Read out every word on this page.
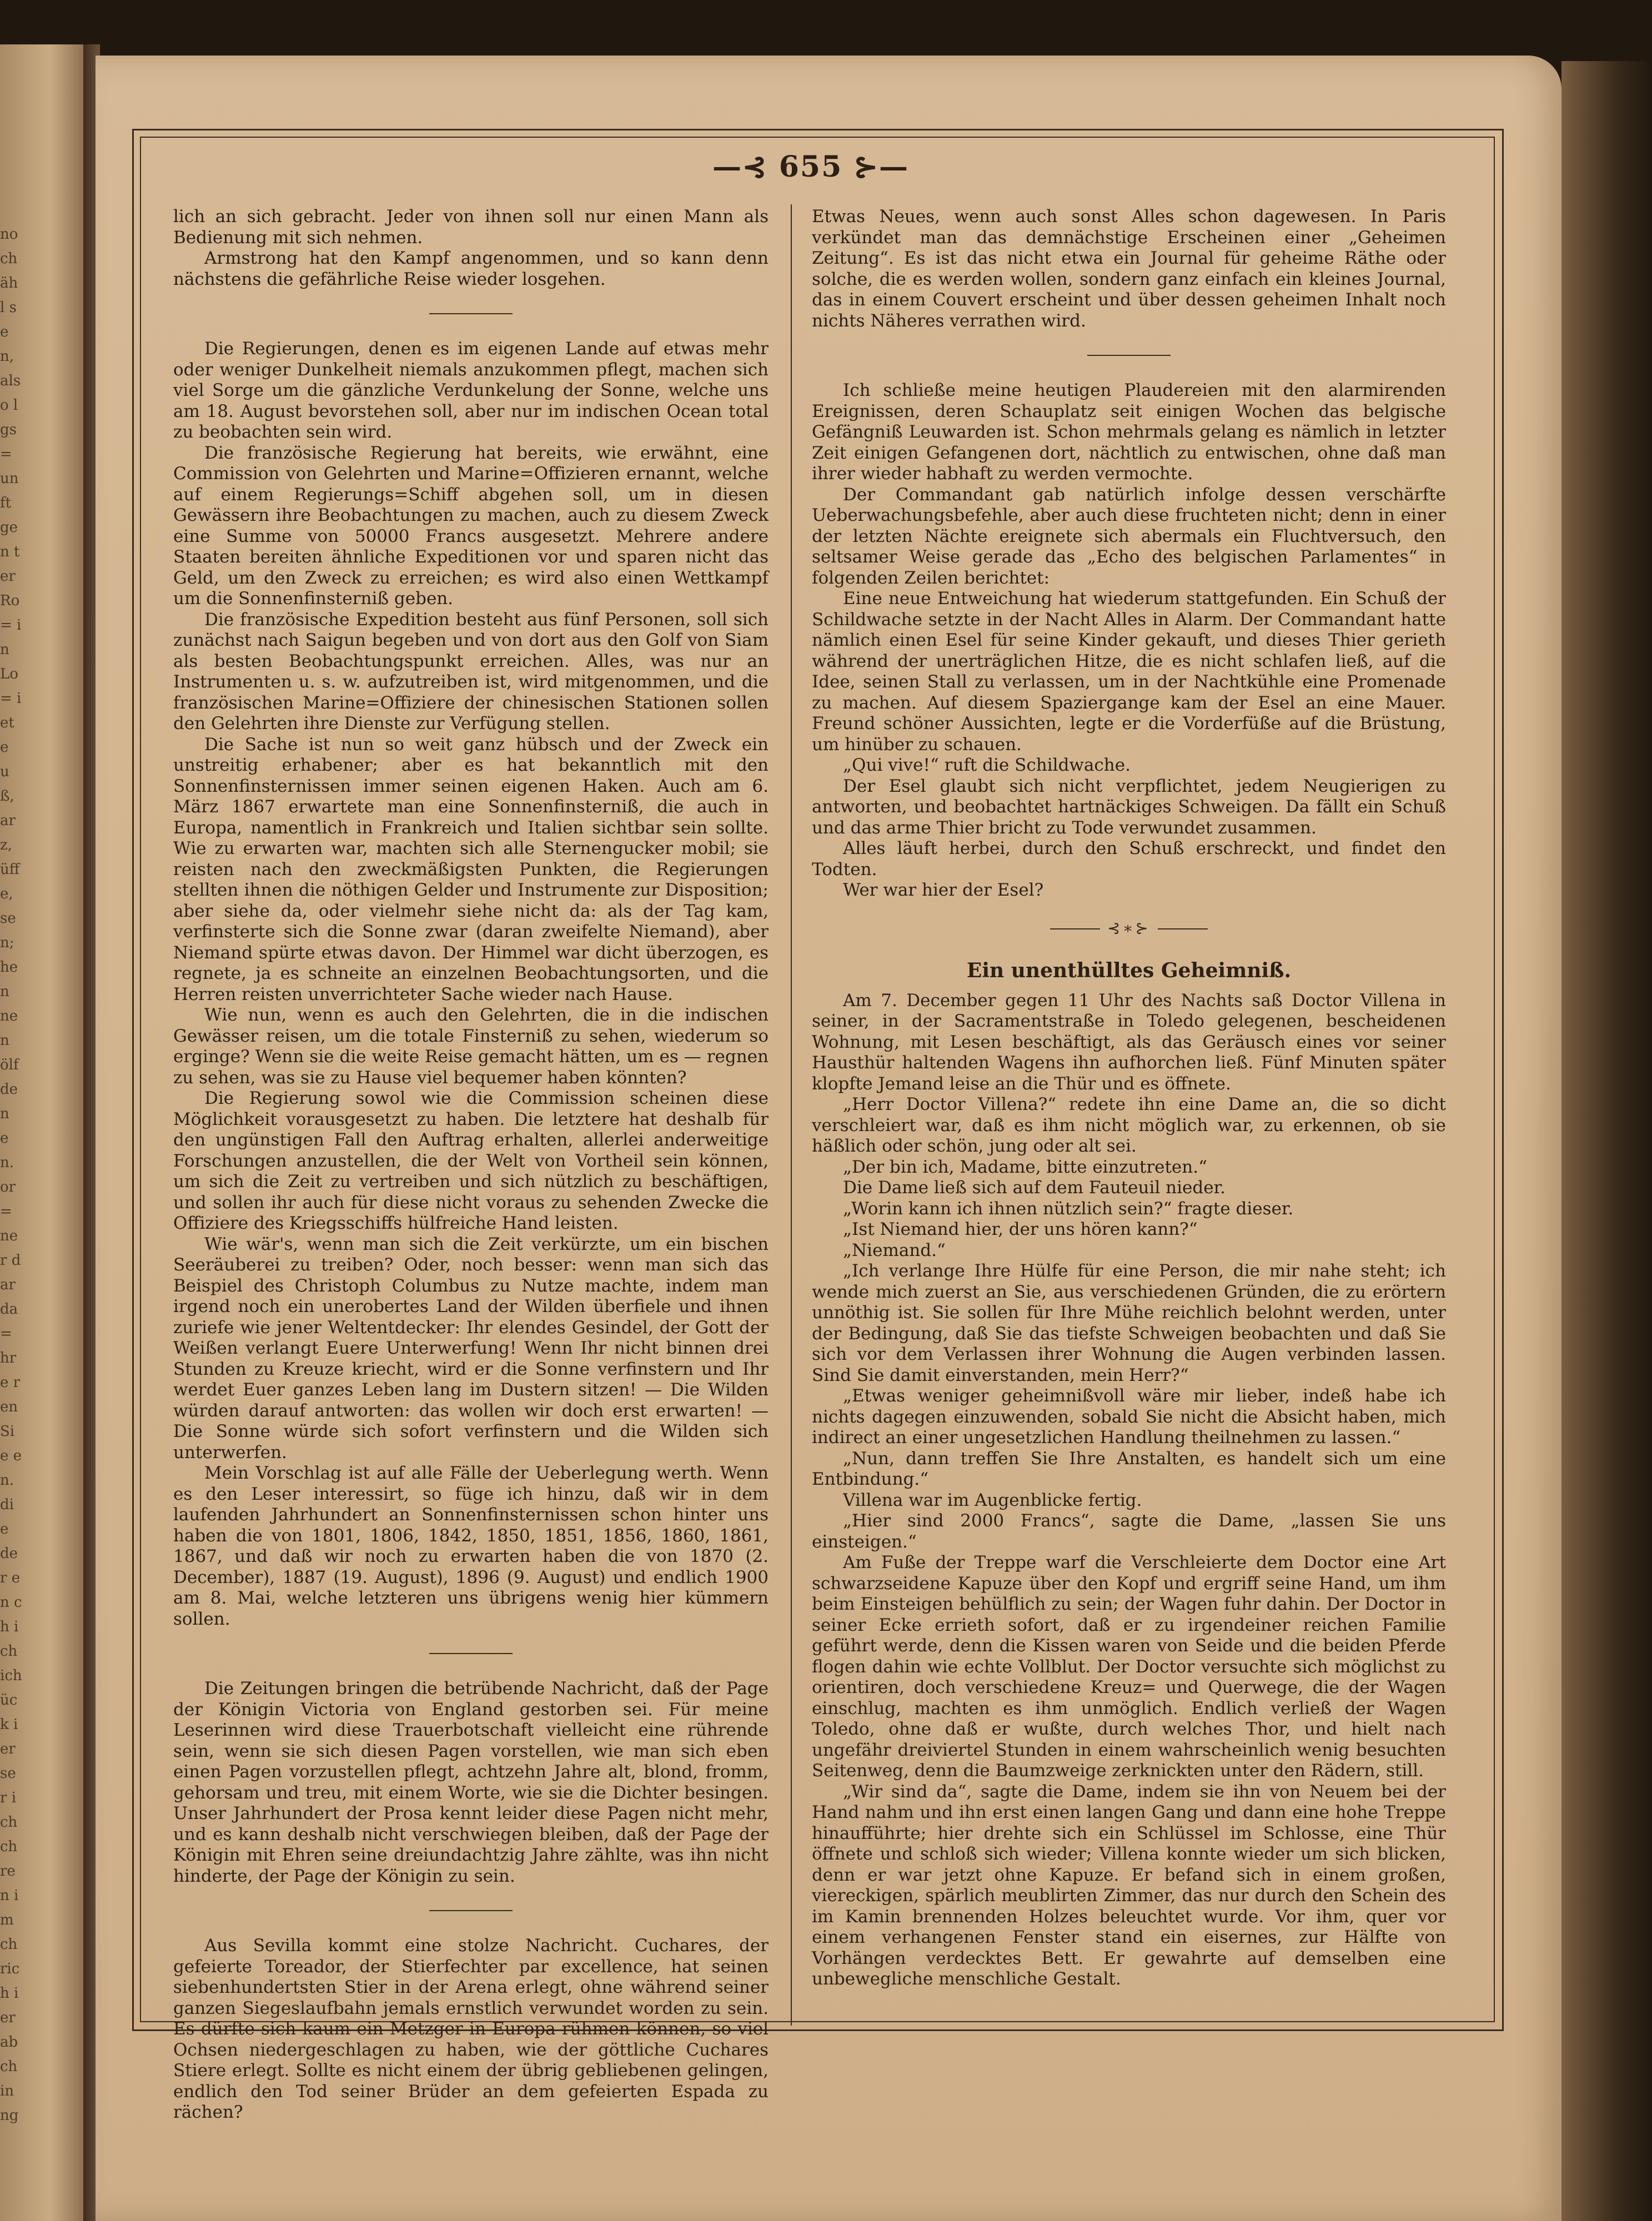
noch ähl sen, also lgs= unft gen ter Ro= in Lo= iete uß, arz, üffe, sen; hen nen ölf den en. or= ner dar da= hre ren Sie en. die der en ch ich ich ück ier ser ich ch ren im ch rich ier ab ch in ng
—⊰ 655 ⊱—

lich an sich gebracht. Jeder von ihnen soll nur einen Mann als Bedienung mit sich nehmen.

Armstrong hat den Kampf angenommen, und so kann denn nächstens die gefährliche Reise wieder losgehen.

Die Regierungen, denen es im eigenen Lande auf etwas mehr oder weniger Dunkelheit niemals anzukommen pflegt, machen sich viel Sorge um die gänzliche Verdunkelung der Sonne, welche uns am 18. August bevorstehen soll, aber nur im indischen Ocean total zu beobachten sein wird.

Die französische Regierung hat bereits, wie erwähnt, eine Commission von Gelehrten und Marine=Offizieren ernannt, welche auf einem Regierungs=Schiff abgehen soll, um in diesen Gewässern ihre Beobachtungen zu machen, auch zu diesem Zweck eine Summe von 50000 Francs ausgesetzt. Mehrere andere Staaten bereiten ähnliche Expeditionen vor und sparen nicht das Geld, um den Zweck zu erreichen; es wird also einen Wettkampf um die Sonnenfinsterniß geben.

Die französische Expedition besteht aus fünf Personen, soll sich zunächst nach Saigun begeben und von dort aus den Golf von Siam als besten Beobachtungspunkt erreichen. Alles, was nur an Instrumenten u. s. w. aufzutreiben ist, wird mitgenommen, und die französischen Marine=Offiziere der chinesischen Stationen sollen den Gelehrten ihre Dienste zur Verfügung stellen.

Die Sache ist nun so weit ganz hübsch und der Zweck ein unstreitig erhabener; aber es hat bekanntlich mit den Sonnenfinsternissen immer seinen eigenen Haken. Auch am 6. März 1867 erwartete man eine Sonnenfinsterniß, die auch in Europa, namentlich in Frankreich und Italien sichtbar sein sollte. Wie zu erwarten war, machten sich alle Sternengucker mobil; sie reisten nach den zweckmäßigsten Punkten, die Regierungen stellten ihnen die nöthigen Gelder und Instrumente zur Disposition; aber siehe da, oder vielmehr siehe nicht da: als der Tag kam, verfinsterte sich die Sonne zwar (daran zweifelte Niemand), aber Niemand spürte etwas davon. Der Himmel war dicht überzogen, es regnete, ja es schneite an einzelnen Beobachtungsorten, und die Herren reisten unverrichteter Sache wieder nach Hause.

Wie nun, wenn es auch den Gelehrten, die in die indischen Gewässer reisen, um die totale Finsterniß zu sehen, wiederum so erginge? Wenn sie die weite Reise gemacht hätten, um es — regnen zu sehen, was sie zu Hause viel bequemer haben könnten?

Die Regierung sowol wie die Commission scheinen diese Möglichkeit vorausgesetzt zu haben. Die letztere hat deshalb für den ungünstigen Fall den Auftrag erhalten, allerlei anderweitige Forschungen anzustellen, die der Welt von Vortheil sein können, um sich die Zeit zu vertreiben und sich nützlich zu beschäftigen, und sollen ihr auch für diese nicht voraus zu sehenden Zwecke die Offiziere des Kriegsschiffs hülfreiche Hand leisten.

Wie wär's, wenn man sich die Zeit verkürzte, um ein bischen Seeräuberei zu treiben? Oder, noch besser: wenn man sich das Beispiel des Christoph Columbus zu Nutze machte, indem man irgend noch ein unerobertes Land der Wilden überfiele und ihnen zuriefe wie jener Weltentdecker: Ihr elendes Gesindel, der Gott der Weißen verlangt Euere Unterwerfung! Wenn Ihr nicht binnen drei Stunden zu Kreuze kriecht, wird er die Sonne verfinstern und Ihr werdet Euer ganzes Leben lang im Dustern sitzen! — Die Wilden würden darauf antworten: das wollen wir doch erst erwarten! — Die Sonne würde sich sofort verfinstern und die Wilden sich unterwerfen.

Mein Vorschlag ist auf alle Fälle der Ueberlegung werth. Wenn es den Leser interessirt, so füge ich hinzu, daß wir in dem laufenden Jahrhundert an Sonnenfinsternissen schon hinter uns haben die von 1801, 1806, 1842, 1850, 1851, 1856, 1860, 1861, 1867, und daß wir noch zu erwarten haben die von 1870 (2. December), 1887 (19. August), 1896 (9. August) und endlich 1900 am 8. Mai, welche letzteren uns übrigens wenig hier kümmern sollen.

Die Zeitungen bringen die betrübende Nachricht, daß der Page der Königin Victoria von England gestorben sei. Für meine Leserinnen wird diese Trauerbotschaft vielleicht eine rührende sein, wenn sie sich diesen Pagen vorstellen, wie man sich eben einen Pagen vorzustellen pflegt, achtzehn Jahre alt, blond, fromm, gehorsam und treu, mit einem Worte, wie sie die Dichter besingen. Unser Jahrhundert der Prosa kennt leider diese Pagen nicht mehr, und es kann deshalb nicht verschwiegen bleiben, daß der Page der Königin mit Ehren seine dreiundachtzig Jahre zählte, was ihn nicht hinderte, der Page der Königin zu sein.

Aus Sevilla kommt eine stolze Nachricht. Cuchares, der gefeierte Toreador, der Stierfechter par excellence, hat seinen siebenhundertsten Stier in der Arena erlegt, ohne während seiner ganzen Siegeslaufbahn jemals ernstlich verwundet worden zu sein. Es dürfte sich kaum ein Metzger in Europa rühmen können, so viel Ochsen niedergeschlagen zu haben, wie der göttliche Cuchares Stiere erlegt. Sollte es nicht einem der übrig gebliebenen gelingen, endlich den Tod seiner Brüder an dem gefeierten Espada zu rächen?

Etwas Neues, wenn auch sonst Alles schon dagewesen. In Paris verkündet man das demnächstige Erscheinen einer „Geheimen Zeitung“. Es ist das nicht etwa ein Journal für geheime Räthe oder solche, die es werden wollen, sondern ganz einfach ein kleines Journal, das in einem Couvert erscheint und über dessen geheimen Inhalt noch nichts Näheres verrathen wird.

Ich schließe meine heutigen Plaudereien mit den alarmirenden Ereignissen, deren Schauplatz seit einigen Wochen das belgische Gefängniß Leuwarden ist. Schon mehrmals gelang es nämlich in letzter Zeit einigen Gefangenen dort, nächtlich zu entwischen, ohne daß man ihrer wieder habhaft zu werden vermochte.

Der Commandant gab natürlich infolge dessen verschärfte Ueberwachungsbefehle, aber auch diese fruchteten nicht; denn in einer der letzten Nächte ereignete sich abermals ein Fluchtversuch, den seltsamer Weise gerade das „Echo des belgischen Parlamentes“ in folgenden Zeilen berichtet:

Eine neue Entweichung hat wiederum stattgefunden. Ein Schuß der Schildwache setzte in der Nacht Alles in Alarm. Der Commandant hatte nämlich einen Esel für seine Kinder gekauft, und dieses Thier gerieth während der unerträglichen Hitze, die es nicht schlafen ließ, auf die Idee, seinen Stall zu verlassen, um in der Nachtkühle eine Promenade zu machen. Auf diesem Spaziergange kam der Esel an eine Mauer. Freund schöner Aussichten, legte er die Vorderfüße auf die Brüstung, um hinüber zu schauen.

„Qui vive!“ ruft die Schildwache.

Der Esel glaubt sich nicht verpflichtet, jedem Neugierigen zu antworten, und beobachtet hartnäckiges Schweigen. Da fällt ein Schuß und das arme Thier bricht zu Tode verwundet zusammen.

Alles läuft herbei, durch den Schuß erschreckt, und findet den Todten.

Wer war hier der Esel?

⊰∗⊱
Ein unenthülltes Geheimniß.

Am 7. December gegen 11 Uhr des Nachts saß Doctor Villena in seiner, in der Sacramentstraße in Toledo gelegenen, bescheidenen Wohnung, mit Lesen beschäftigt, als das Geräusch eines vor seiner Hausthür haltenden Wagens ihn aufhorchen ließ. Fünf Minuten später klopfte Jemand leise an die Thür und es öffnete.

„Herr Doctor Villena?“ redete ihn eine Dame an, die so dicht verschleiert war, daß es ihm nicht möglich war, zu erkennen, ob sie häßlich oder schön, jung oder alt sei.

„Der bin ich, Madame, bitte einzutreten.“

Die Dame ließ sich auf dem Fauteuil nieder.

„Worin kann ich ihnen nützlich sein?“ fragte dieser.

„Ist Niemand hier, der uns hören kann?“

„Niemand.“

„Ich verlange Ihre Hülfe für eine Person, die mir nahe steht; ich wende mich zuerst an Sie, aus verschiedenen Gründen, die zu erörtern unnöthig ist. Sie sollen für Ihre Mühe reichlich belohnt werden, unter der Bedingung, daß Sie das tiefste Schweigen beobachten und daß Sie sich vor dem Verlassen ihrer Wohnung die Augen verbinden lassen. Sind Sie damit einverstanden, mein Herr?“

„Etwas weniger geheimnißvoll wäre mir lieber, indeß habe ich nichts dagegen einzuwenden, sobald Sie nicht die Absicht haben, mich indirect an einer ungesetzlichen Handlung theilnehmen zu lassen.“

„Nun, dann treffen Sie Ihre Anstalten, es handelt sich um eine Entbindung.“

Villena war im Augenblicke fertig.

„Hier sind 2000 Francs“, sagte die Dame, „lassen Sie uns einsteigen.“

Am Fuße der Treppe warf die Verschleierte dem Doctor eine Art schwarzseidene Kapuze über den Kopf und ergriff seine Hand, um ihm beim Einsteigen behülflich zu sein; der Wagen fuhr dahin. Der Doctor in seiner Ecke errieth sofort, daß er zu irgendeiner reichen Familie geführt werde, denn die Kissen waren von Seide und die beiden Pferde flogen dahin wie echte Vollblut. Der Doctor versuchte sich möglichst zu orientiren, doch verschiedene Kreuz= und Querwege, die der Wagen einschlug, machten es ihm unmöglich. Endlich verließ der Wagen Toledo, ohne daß er wußte, durch welches Thor, und hielt nach ungefähr dreiviertel Stunden in einem wahrscheinlich wenig besuchten Seitenweg, denn die Baumzweige zerknickten unter den Rädern, still.

„Wir sind da“, sagte die Dame, indem sie ihn von Neuem bei der Hand nahm und ihn erst einen langen Gang und dann eine hohe Treppe hinaufführte; hier drehte sich ein Schlüssel im Schlosse, eine Thür öffnete und schloß sich wieder; Villena konnte wieder um sich blicken, denn er war jetzt ohne Kapuze. Er befand sich in einem großen, viereckigen, spärlich meublirten Zimmer, das nur durch den Schein des im Kamin brennenden Holzes beleuchtet wurde. Vor ihm, quer vor einem verhangenen Fenster stand ein eisernes, zur Hälfte von Vorhängen verdecktes Bett. Er gewahrte auf demselben eine unbewegliche menschliche Gestalt.
